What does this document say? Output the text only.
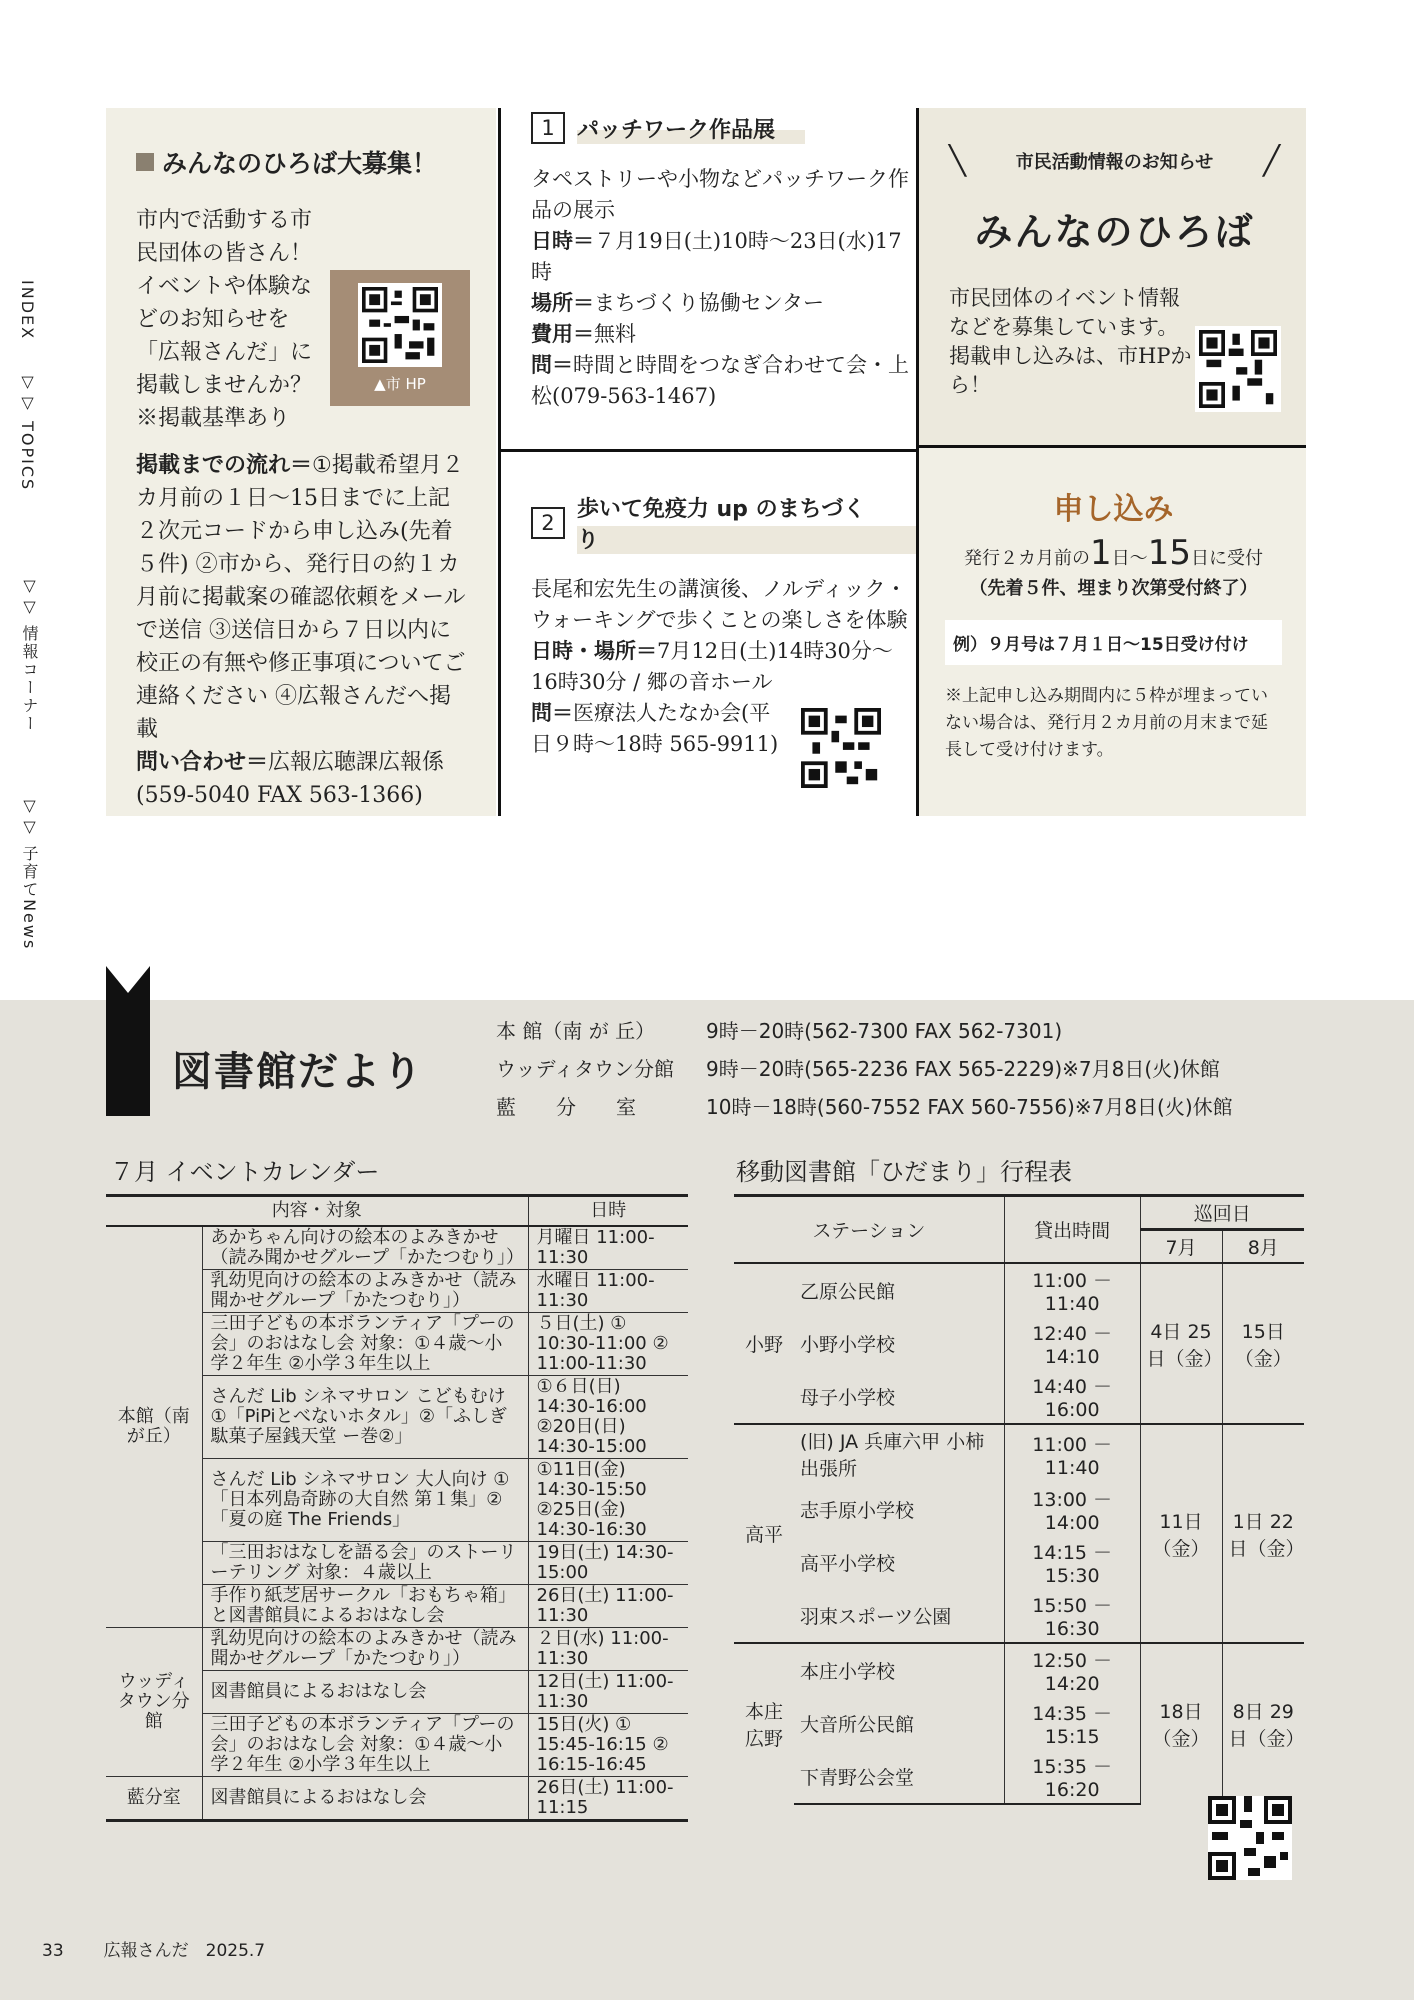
INDEX
▽▽ TOPICS
▽▽ 情報コーナー
▽▽ 子育てNews
みんなのひろば大募集！
市内で活動する市民団体の皆さん！イベントや体験などのお知らせを「広報さんだ」に掲載しませんか？※掲載基準あり
▲市 HP
掲載までの流れ＝①掲載希望月２カ月前の１日～15日までに上記２次元コードから申し込み(先着５件) ②市から、発行日の約１カ月前に掲載案の確認依頼をメールで送信 ③送信日から７日以内に校正の有無や修正事項についてご連絡ください ④広報さんだへ掲載
問い合わせ＝広報広聴課広報係(559-5040 FAX 563-1366)
1	パッチワーク作品展
タペストリーや小物などパッチワーク作品の展示
日時＝７月19日(土)10時～23日(水)17時
場所＝まちづくり協働センター
費用＝無料
問＝時間と時間をつなぎ合わせて会・上松(079-563-1467)
2
歩いて免疫力 up のまちづくり
長尾和宏先生の講演後、ノルディック・ウォーキングで歩くことの楽しさを体験
日時・場所＝7月12日(土)14時30分～16時30分 / 郷の音ホール
問＝医療法人たなか会(平日９時～18時 565-9911)
╲	市民活動情報のお知らせ ╱
みんなのひろば
市民団体のイベント情報などを募集しています。掲載申し込みは、市HPから！
申し込み
発行２カ月前の1日～15日に受付
（先着５件、埋まり次第受付終了）
例）９月号は７月１日～15日受け付け
※上記申し込み期間内に５枠が埋まっていない場合は、発行月２カ月前の月末まで延長して受け付けます。
図書館だより
本 館（南 が 丘）	9時－20時(562-7300 FAX 562-7301)
ウッディタウン分館	9時－20時(565-2236 FAX 565-2229)※7月8日(火)休館
藍　　分　　室	10時－18時(560-7552 FAX 560-7556)※7月8日(火)休館
７月 イベントカレンダー
内容・対象		日時
本館（南が丘）	あかちゃん向けの絵本のよみきかせ（読み聞かせグループ「かたつむり」）	月曜日 11:00-11:30
	乳幼児向けの絵本のよみきかせ（読み聞かせグループ「かたつむり」）	水曜日 11:00-11:30
	三田子どもの本ボランティア「プーの会」のおはなし会 対象：①４歳～小学２年生 ②小学３年生以上	５日(土) ① 10:30-11:00 ② 11:00-11:30
	さんだ Lib シネマサロン こどもむけ ①「PiPiとべないホタル」②「ふしぎ駄菓子屋銭天堂 ー巻②」	①６日(日) 14:30-16:00 ②20日(日) 14:30-15:00
	さんだ Lib シネマサロン 大人向け ①「日本列島奇跡の大自然 第１集」②「夏の庭 The Friends」	①11日(金) 14:30-15:50 ②25日(金) 14:30-16:30
	「三田おはなしを語る会」のストーリーテリング 対象：４歳以上	19日(土) 14:30-15:00
	手作り紙芝居サークル「おもちゃ箱」と図書館員によるおはなし会	26日(土) 11:00-11:30
ウッディタウン分館	乳幼児向けの絵本のよみきかせ（読み聞かせグループ「かたつむり」）	２日(水) 11:00-11:30
	図書館員によるおはなし会	12日(土) 11:00-11:30
	三田子どもの本ボランティア「プーの会」のおはなし会 対象：①４歳～小学２年生 ②小学３年生以上	15日(火) ① 15:45-16:15 ② 16:15-16:45
藍分室	図書館員によるおはなし会	26日(土) 11:00-11:15
移動図書館「ひだまり」行程表
ステーション		貸出時間	巡回日	
			7月	8月
小野	乙原公民館	11:00 － 11:40	4日 25日（金）	15日（金）
	小野小学校	12:40 － 14:10		
	母子小学校	14:40 － 16:00		
高平	(旧) JA 兵庫六甲 小柿出張所	11:00 － 11:40	11日（金）	1日 22日（金）
	志手原小学校	13:00 － 14:00		
	高平小学校	14:15 － 15:30		
	羽束スポーツ公園	15:50 － 16:30		
本庄 広野	本庄小学校	12:50 － 14:20	18日（金）	8日 29日（金）
	大音所公民館	14:35 － 15:15		
	下青野公会堂	15:35 － 16:20		
33 広報さんだ　2025.7
